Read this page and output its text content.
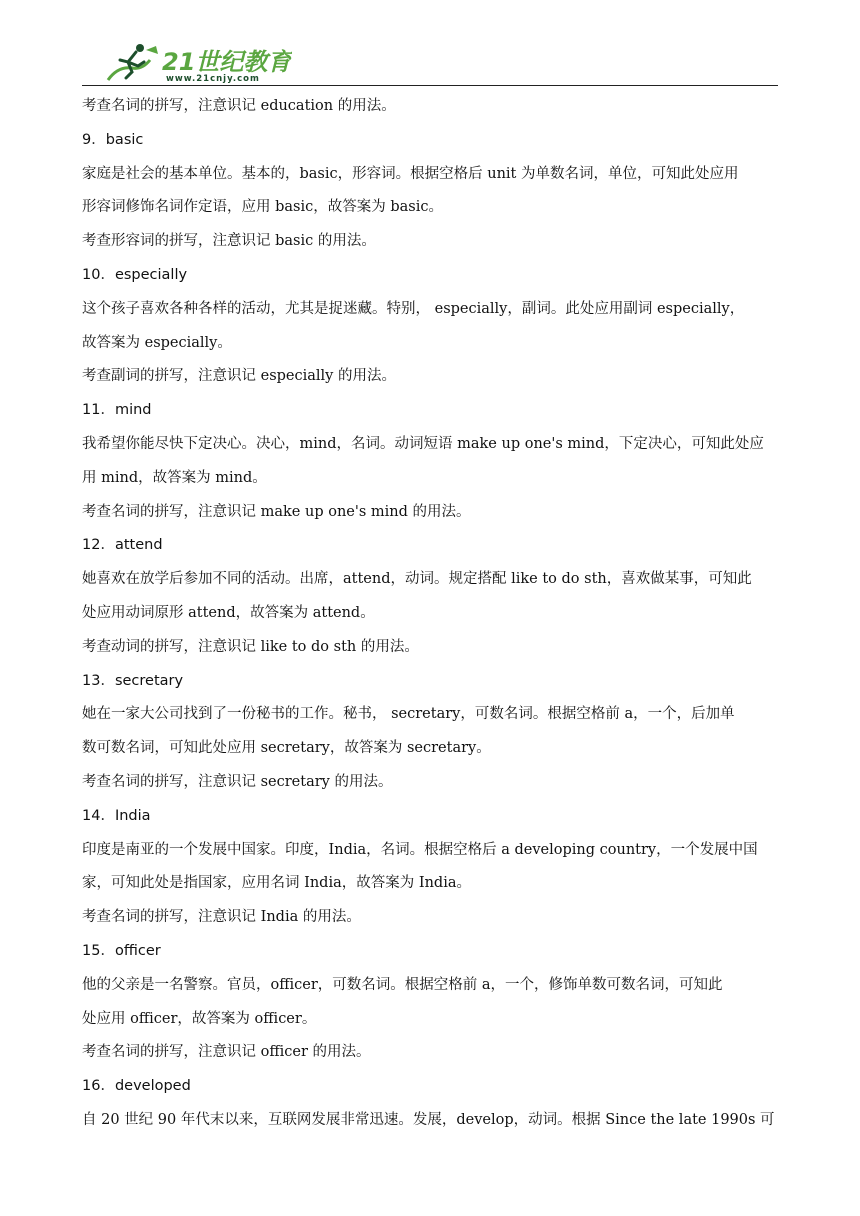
21世纪教育
www.21cnjy.com
考查名词的拼写，注意识记 education 的用法。
9．basic
家庭是社会的基本单位。基本的，basic，形容词。根据空格后 unit 为单数名词，单位，可知此处应用
形容词修饰名词作定语，应用 basic，故答案为 basic。
考查形容词的拼写，注意识记 basic 的用法。
10．especially
这个孩子喜欢各种各样的活动，尤其是捉迷藏。特别， especially，副词。此处应用副词 especially，
故答案为 especially。
考查副词的拼写，注意识记 especially 的用法。
11．mind
我希望你能尽快下定决心。决心，mind，名词。动词短语 make up one's mind，下定决心，可知此处应
用 mind，故答案为 mind。
考查名词的拼写，注意识记 make up one's mind 的用法。
12．attend
她喜欢在放学后参加不同的活动。出席，attend，动词。规定搭配 like to do sth，喜欢做某事，可知此
处应用动词原形 attend，故答案为 attend。
考查动词的拼写，注意识记 like to do sth 的用法。
13．secretary
她在一家大公司找到了一份秘书的工作。秘书， secretary，可数名词。根据空格前 a，一个，后加单
数可数名词，可知此处应用 secretary，故答案为 secretary。
考查名词的拼写，注意识记 secretary 的用法。
14．India
印度是南亚的一个发展中国家。印度，India，名词。根据空格后 a developing country，一个发展中国
家，可知此处是指国家，应用名词 India，故答案为 India。
考查名词的拼写，注意识记 India 的用法。
15．officer
他的父亲是一名警察。官员，officer，可数名词。根据空格前 a，一个，修饰单数可数名词，可知此
处应用 officer，故答案为 officer。
考查名词的拼写，注意识记 officer 的用法。
16．developed
自 20 世纪 90 年代末以来，互联网发展非常迅速。发展，develop，动词。根据 Since the late 1990s 可
